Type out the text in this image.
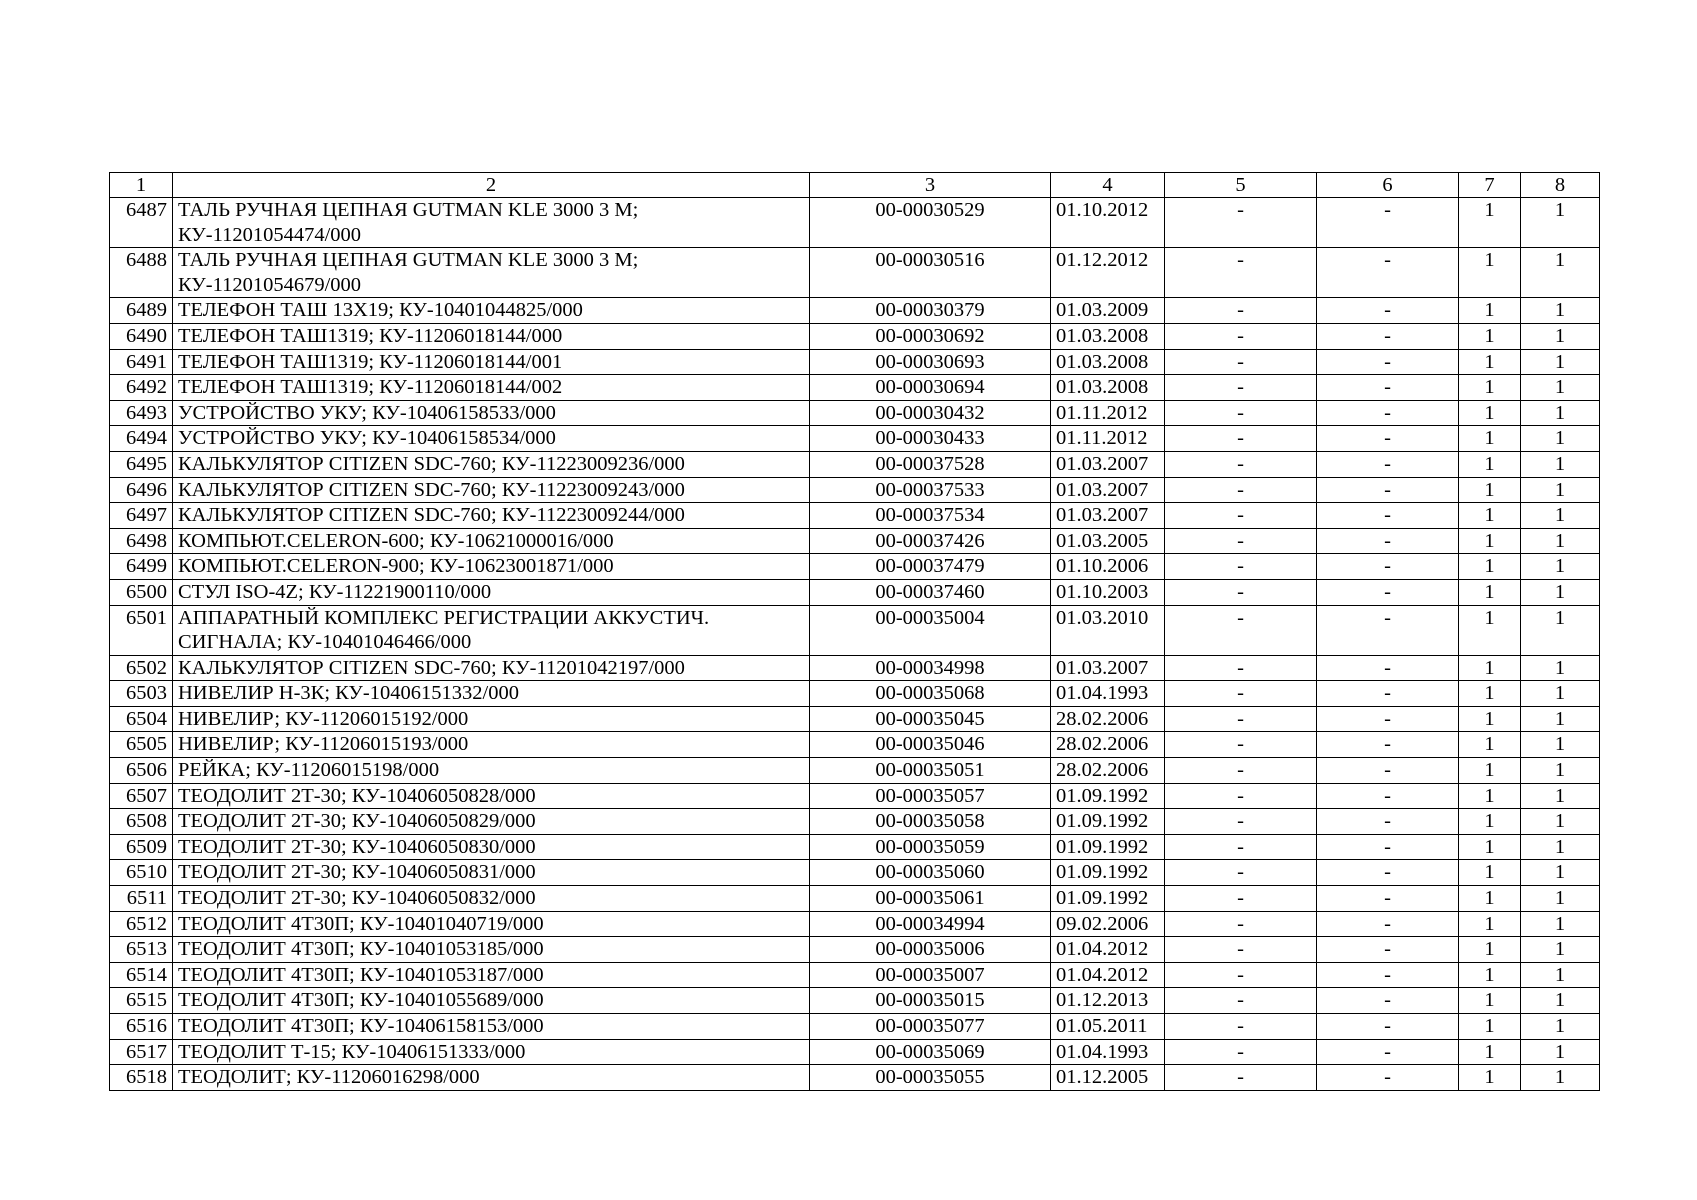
1	2	3	4	5	6	7	8
6487	ТАЛЬ РУЧНАЯ ЦЕПНАЯ GUTMAN KLE 3000 3 М; КУ-11201054474/000	00-00030529	01.10.2012	-	-	1	1
6488	ТАЛЬ РУЧНАЯ ЦЕПНАЯ GUTMAN KLE 3000 3 М; КУ-11201054679/000	00-00030516	01.12.2012	-	-	1	1
6489	ТЕЛЕФОН ТАШ 13Х19; КУ-10401044825/000	00-00030379	01.03.2009	-	-	1	1
6490	ТЕЛЕФОН ТАШ1319; КУ-11206018144/000	00-00030692	01.03.2008	-	-	1	1
6491	ТЕЛЕФОН ТАШ1319; КУ-11206018144/001	00-00030693	01.03.2008	-	-	1	1
6492	ТЕЛЕФОН ТАШ1319; КУ-11206018144/002	00-00030694	01.03.2008	-	-	1	1
6493	УСТРОЙСТВО УКУ; КУ-10406158533/000	00-00030432	01.11.2012	-	-	1	1
6494	УСТРОЙСТВО УКУ; КУ-10406158534/000	00-00030433	01.11.2012	-	-	1	1
6495	КАЛЬКУЛЯТОР CITIZEN SDC-760; КУ-11223009236/000	00-00037528	01.03.2007	-	-	1	1
6496	КАЛЬКУЛЯТОР CITIZEN SDC-760; КУ-11223009243/000	00-00037533	01.03.2007	-	-	1	1
6497	КАЛЬКУЛЯТОР CITIZEN SDC-760; КУ-11223009244/000	00-00037534	01.03.2007	-	-	1	1
6498	КОМПЬЮТ.CELERON-600; КУ-10621000016/000	00-00037426	01.03.2005	-	-	1	1
6499	КОМПЬЮТ.CELERON-900; КУ-10623001871/000	00-00037479	01.10.2006	-	-	1	1
6500	СТУЛ ISO-4Z; КУ-11221900110/000	00-00037460	01.10.2003	-	-	1	1
6501	АППАРАТНЫЙ КОМПЛЕКС РЕГИСТРАЦИИ АККУСТИЧ. СИГНАЛА; КУ-10401046466/000	00-00035004	01.03.2010	-	-	1	1
6502	КАЛЬКУЛЯТОР CITIZEN SDC-760; КУ-11201042197/000	00-00034998	01.03.2007	-	-	1	1
6503	НИВЕЛИР Н-3К; КУ-10406151332/000	00-00035068	01.04.1993	-	-	1	1
6504	НИВЕЛИР; КУ-11206015192/000	00-00035045	28.02.2006	-	-	1	1
6505	НИВЕЛИР; КУ-11206015193/000	00-00035046	28.02.2006	-	-	1	1
6506	РЕЙКА; КУ-11206015198/000	00-00035051	28.02.2006	-	-	1	1
6507	ТЕОДОЛИТ 2Т-30; КУ-10406050828/000	00-00035057	01.09.1992	-	-	1	1
6508	ТЕОДОЛИТ 2Т-30; КУ-10406050829/000	00-00035058	01.09.1992	-	-	1	1
6509	ТЕОДОЛИТ 2Т-30; КУ-10406050830/000	00-00035059	01.09.1992	-	-	1	1
6510	ТЕОДОЛИТ 2Т-30; КУ-10406050831/000	00-00035060	01.09.1992	-	-	1	1
6511	ТЕОДОЛИТ 2Т-30; КУ-10406050832/000	00-00035061	01.09.1992	-	-	1	1
6512	ТЕОДОЛИТ 4Т30П; КУ-10401040719/000	00-00034994	09.02.2006	-	-	1	1
6513	ТЕОДОЛИТ 4Т30П; КУ-10401053185/000	00-00035006	01.04.2012	-	-	1	1
6514	ТЕОДОЛИТ 4Т30П; КУ-10401053187/000	00-00035007	01.04.2012	-	-	1	1
6515	ТЕОДОЛИТ 4Т30П; КУ-10401055689/000	00-00035015	01.12.2013	-	-	1	1
6516	ТЕОДОЛИТ 4Т30П; КУ-10406158153/000	00-00035077	01.05.2011	-	-	1	1
6517	ТЕОДОЛИТ Т-15; КУ-10406151333/000	00-00035069	01.04.1993	-	-	1	1
6518	ТЕОДОЛИТ; КУ-11206016298/000	00-00035055	01.12.2005	-	-	1	1
